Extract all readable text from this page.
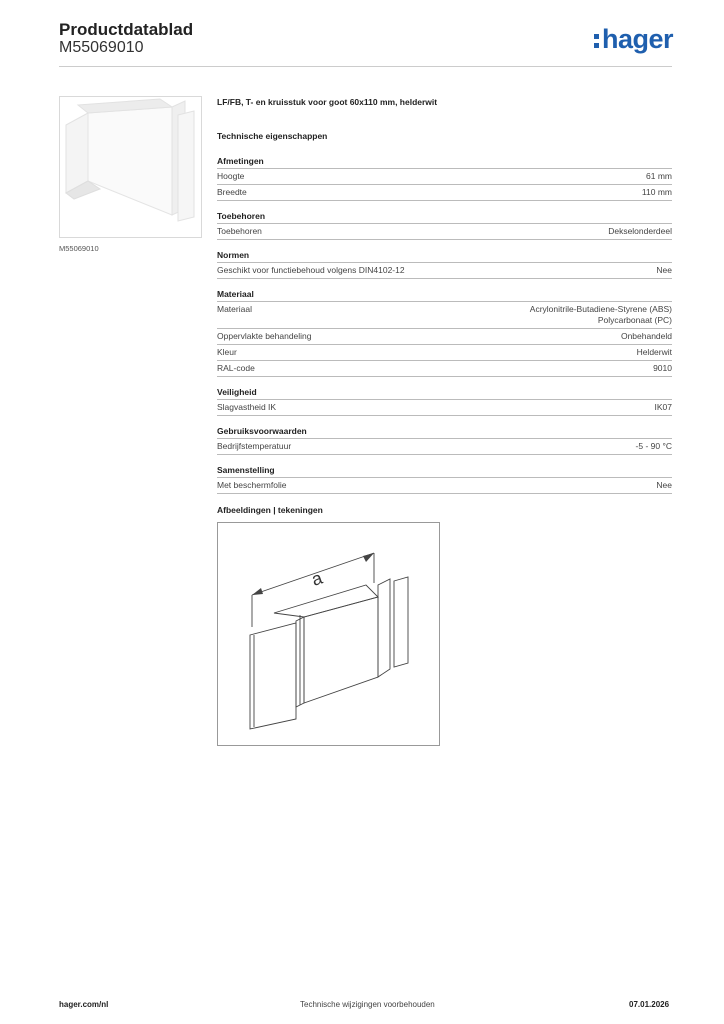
Productdatablad
M55069010	hager
M55069010
LF/FB, T- en kruisstuk voor goot 60x110 mm, helderwit
Technische eigenschappen
Afmetingen
Hoogte	61 mm
Breedte	110 mm
Toebehoren
Toebehoren	Dekselonderdeel
Normen
Geschikt voor functiebehoud volgens DIN4102-12	Nee
Materiaal
Materiaal	Acrylonitrile-Butadiene-Styrene (ABS)
Polycarbonaat (PC)
Oppervlakte behandeling	Onbehandeld
Kleur	Helderwit
RAL-code	9010
Veiligheid
Slagvastheid IK	IK07
Gebruiksvoorwaarden
Bedrijfstemperatuur	-5 - 90 °C
Samenstelling
Met beschermfolie	Nee
Afbeeldingen | tekeningen
a
hager.com/nl	Technische wijzigingen voorbehouden	07.01.2026
